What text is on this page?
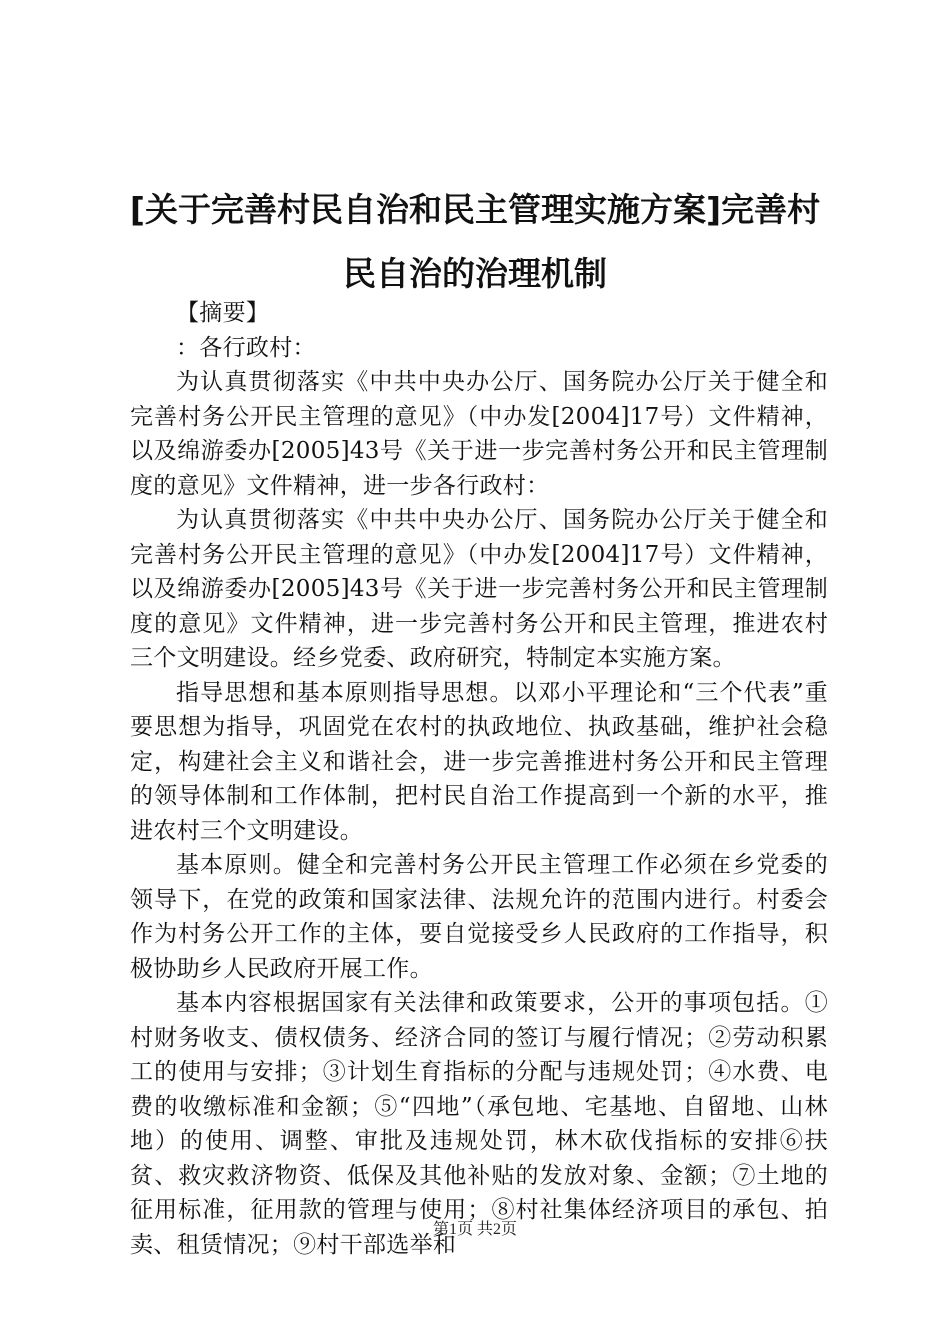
[关于完善村民自治和民主管理实施方案]完善村民自治的治理机制

【摘要】

：各行政村：

为认真贯彻落实《中共中央办公厅、国务院办公厅关于健全和完善村务公开民主管理的意见》（中办发[2004]17号）文件精神，以及绵游委办[2005]43号《关于进一步完善村务公开和民主管理制度的意见》文件精神，进一步各行政村：

为认真贯彻落实《中共中央办公厅、国务院办公厅关于健全和完善村务公开民主管理的意见》（中办发[2004]17号）文件精神，以及绵游委办[2005]43号《关于进一步完善村务公开和民主管理制度的意见》文件精神，进一步完善村务公开和民主管理，推进农村三个文明建设。经乡党委、政府研究，特制定本实施方案。

指导思想和基本原则指导思想。以邓小平理论和“三个代表”重要思想为指导，巩固党在农村的执政地位、执政基础，维护社会稳定，构建社会主义和谐社会，进一步完善推进村务公开和民主管理的领导体制和工作体制，把村民自治工作提高到一个新的水平，推进农村三个文明建设。

基本原则。健全和完善村务公开民主管理工作必须在乡党委的领导下，在党的政策和国家法律、法规允许的范围内进行。村委会作为村务公开工作的主体，要自觉接受乡人民政府的工作指导，积极协助乡人民政府开展工作。

基本内容根据国家有关法律和政策要求，公开的事项包括。①村财务收支、债权债务、经济合同的签订与履行情况；②劳动积累工的使用与安排；③计划生育指标的分配与违规处罚；④水费、电费的收缴标准和金额；⑤“四地”（承包地、宅基地、自留地、山林地）的使用、调整、审批及违规处罚，林木砍伐指标的安排⑥扶贫、救灾救济物资、低保及其他补贴的发放对象、金额；⑦土地的征用标准，征用款的管理与使用；⑧村社集体经济项目的承包、拍卖、租赁情况；⑨村干部选举和

第1页 共2页
